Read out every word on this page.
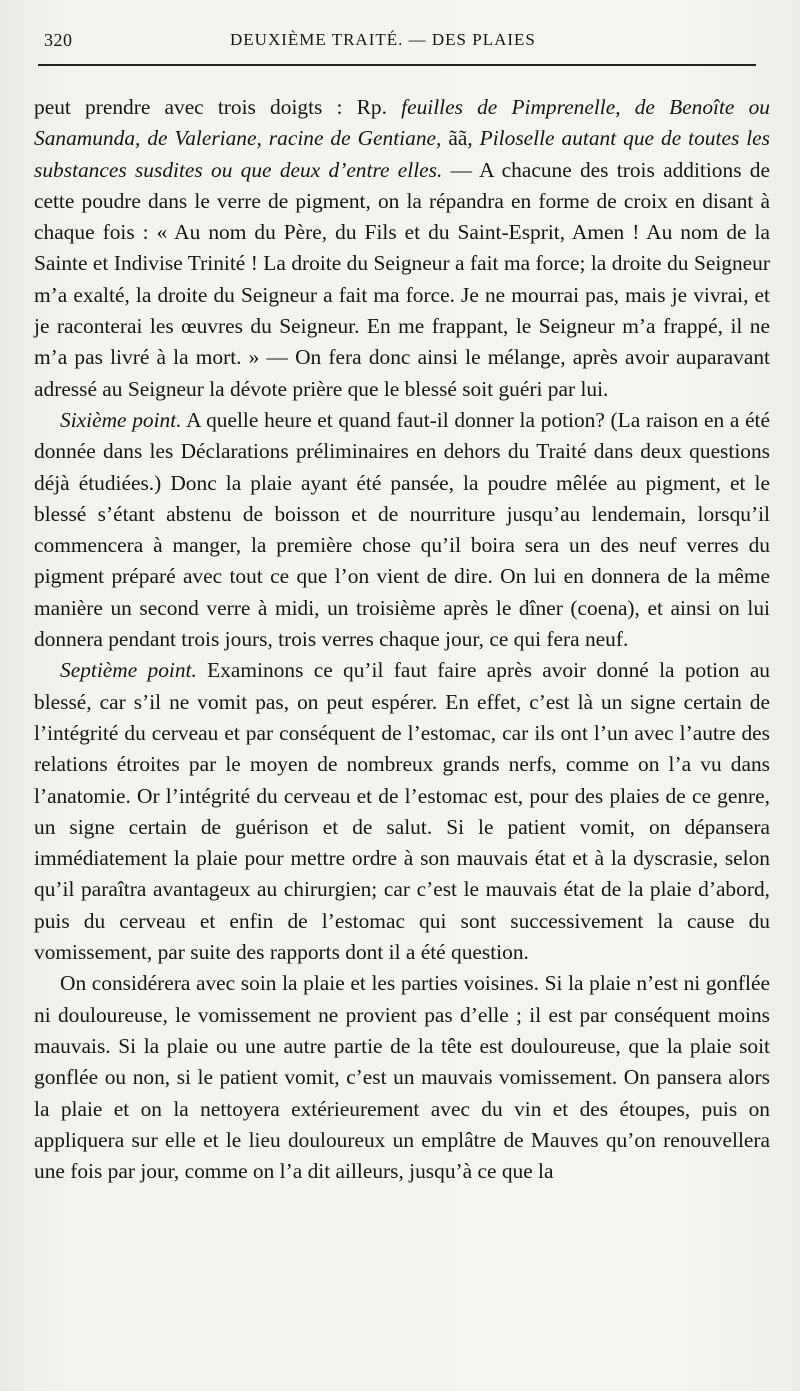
320	DEUXIÈME TRAITÉ. — DES PLAIES

peut prendre avec trois doigts : Rp. feuilles de Pimprenelle, de Benoîte ou Sanamunda, de Valeriane, racine de Gentiane, ãã, Piloselle autant que de toutes les substances susdites ou que deux d’entre elles. — A chacune des trois additions de cette poudre dans le verre de pigment, on la répandra en forme de croix en disant à chaque fois : « Au nom du Père, du Fils et du Saint-Esprit, Amen ! Au nom de la Sainte et Indivise Trinité ! La droite du Seigneur a fait ma force; la droite du Seigneur m’a exalté, la droite du Seigneur a fait ma force. Je ne mourrai pas, mais je vivrai, et je raconterai les œuvres du Seigneur. En me frappant, le Seigneur m’a frappé, il ne m’a pas livré à la mort. » — On fera donc ainsi le mélange, après avoir auparavant adressé au Seigneur la dévote prière que le blessé soit guéri par lui.

Sixième point. A quelle heure et quand faut-il donner la potion? (La raison en a été donnée dans les Déclarations préliminaires en dehors du Traité dans deux questions déjà étudiées.) Donc la plaie ayant été pansée, la poudre mêlée au pigment, et le blessé s’étant abstenu de boisson et de nourriture jusqu’au lendemain, lorsqu’il commencera à manger, la première chose qu’il boira sera un des neuf verres du pigment préparé avec tout ce que l’on vient de dire. On lui en donnera de la même manière un second verre à midi, un troisième après le dîner (coena), et ainsi on lui donnera pendant trois jours, trois verres chaque jour, ce qui fera neuf.

Septième point. Examinons ce qu’il faut faire après avoir donné la potion au blessé, car s’il ne vomit pas, on peut espérer. En effet, c’est là un signe certain de l’intégrité du cerveau et par conséquent de l’estomac, car ils ont l’un avec l’autre des relations étroites par le moyen de nombreux grands nerfs, comme on l’a vu dans l’anatomie. Or l’intégrité du cerveau et de l’estomac est, pour des plaies de ce genre, un signe certain de guérison et de salut. Si le patient vomit, on dépansera immédiatement la plaie pour mettre ordre à son mauvais état et à la dyscrasie, selon qu’il paraîtra avantageux au chirurgien; car c’est le mauvais état de la plaie d’abord, puis du cerveau et enfin de l’estomac qui sont successivement la cause du vomissement, par suite des rapports dont il a été question.

On considérera avec soin la plaie et les parties voisines. Si la plaie n’est ni gonflée ni douloureuse, le vomissement ne provient pas d’elle ; il est par conséquent moins mauvais. Si la plaie ou une autre partie de la tête est douloureuse, que la plaie soit gonflée ou non, si le patient vomit, c’est un mauvais vomissement. On pansera alors la plaie et on la nettoyera extérieurement avec du vin et des étoupes, puis on appliquera sur elle et le lieu douloureux un emplâtre de Mauves qu’on renouvellera une fois par jour, comme on l’a dit ailleurs, jusqu’à ce que la
